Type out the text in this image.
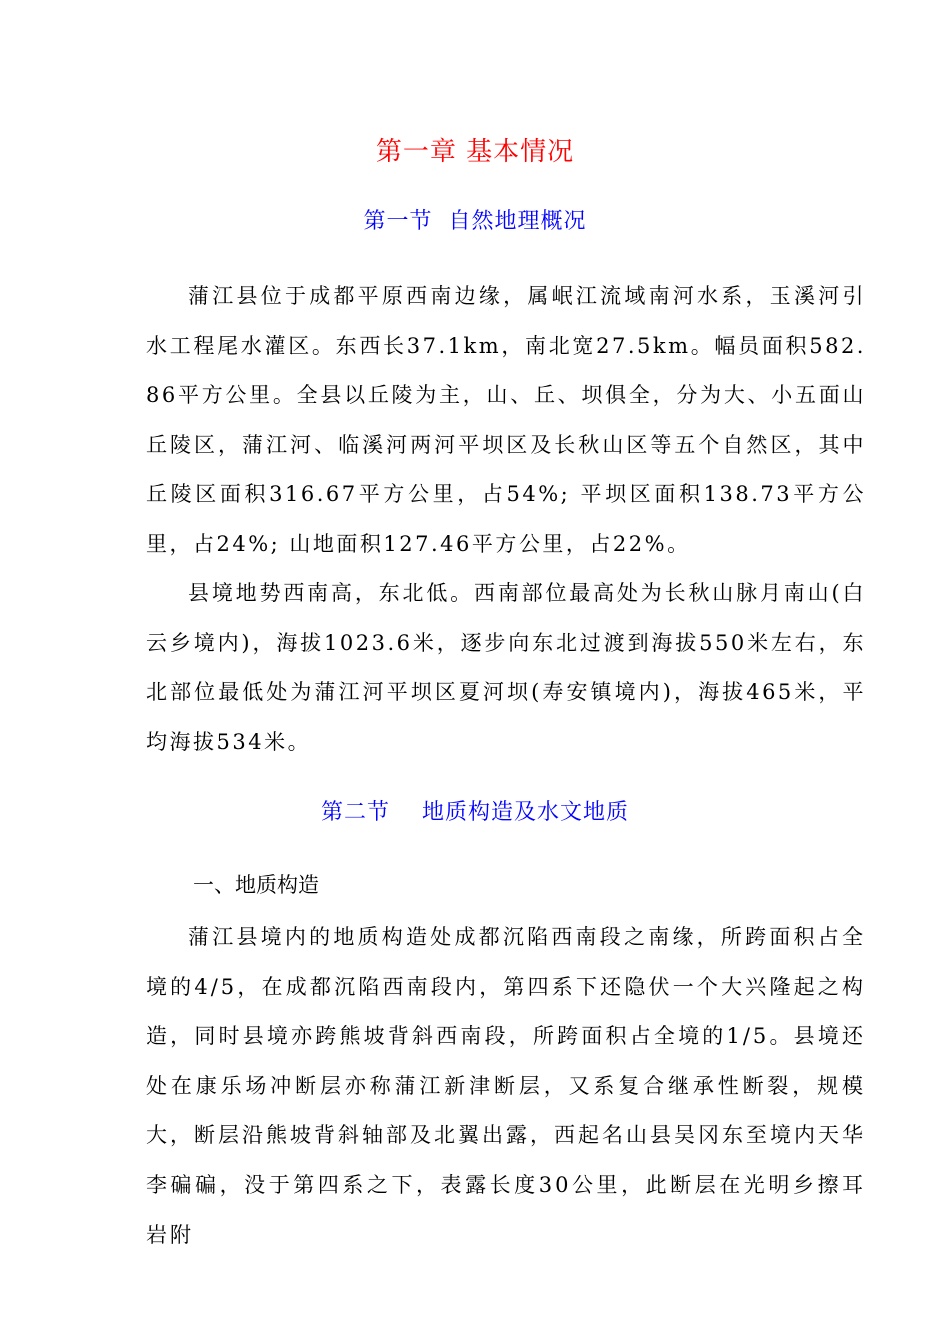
第一章 基本情况
第一节  自然地理概况

蒲江县位于成都平原西南边缘，属岷江流域南河水系，玉溪河引水工程尾水灌区。东西长37.1km，南北宽27.5km。幅员面积582.86平方公里。全县以丘陵为主，山、丘、坝俱全，分为大、小五面山丘陵区，蒲江河、临溪河两河平坝区及长秋山区等五个自然区，其中丘陵区面积316.67平方公里，占54%; 平坝区面积138.73平方公里，占24%; 山地面积127.46平方公里，占22%。

县境地势西南高，东北低。西南部位最高处为长秋山脉月南山(白云乡境内)，海拔1023.6米，逐步向东北过渡到海拔550米左右，东北部位最低处为蒲江河平坝区夏河坝(寿安镇境内)，海拔465米，平均海拔534米。

第二节    地质构造及水文地质
一、地质构造

蒲江县境内的地质构造处成都沉陷西南段之南缘，所跨面积占全境的4/5，在成都沉陷西南段内，第四系下还隐伏一个大兴隆起之构造，同时县境亦跨熊坡背斜西南段，所跨面积占全境的1/5。县境还处在康乐场冲断层亦称蒲江新津断层，又系复合继承性断裂，规模大，断层沿熊坡背斜轴部及北翼出露，西起名山县吴冈东至境内天华李碥碥，没于第四系之下，表露长度30公里，此断层在光明乡擦耳岩附
